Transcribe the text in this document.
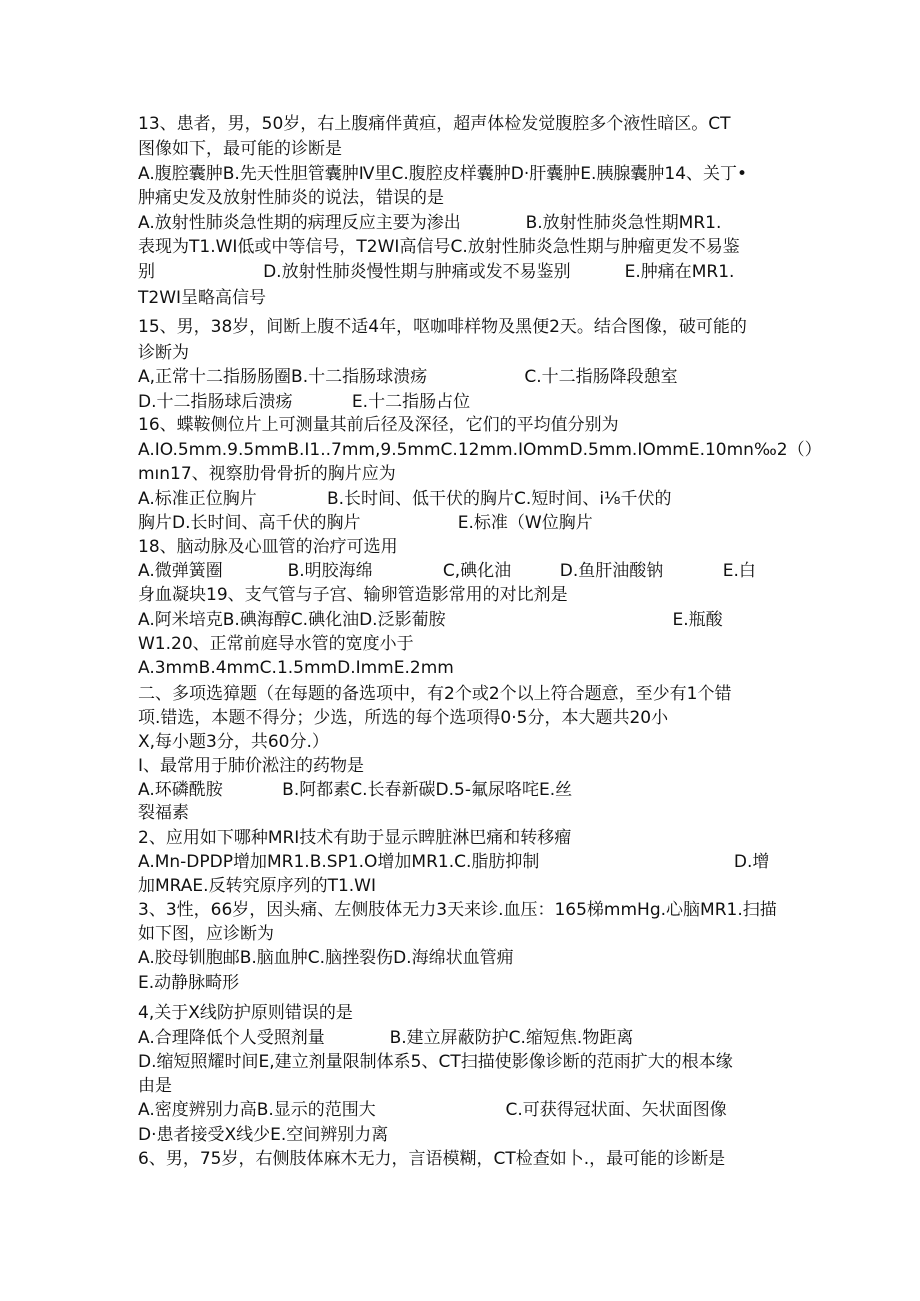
13、患者，男，50岁，右上腹痛伴黄疸，超声体检发觉腹腔多个液性暗区。CT
图像如下，最可能的诊断是
A.腹腔囊肿B.先天性胆管囊肿Ⅳ里C.腹腔皮样囊肿D·肝囊肿E.胰腺囊肿14、关丁•
肿痛史发及放射性肺炎的说法，错误的是
A.放射性肺炎急性期的病理反应主要为渗出            B.放射性肺炎急性期MR1.
表现为T1.WI低或中等信号，T2WI高信号C.放射性肺炎急性期与肿瘤更发不易鉴
别                    D.放射性肺炎慢性期与肿痛或发不易鉴别          E.肿痛在MR1.
T2WI呈略高信号
15、男，38岁，间断上腹不适4年，呕咖啡样物及黑便2天。结合图像，破可能的
诊断为
A,正常十二指肠肠圈B.十二指肠球溃疡                  C.十二指肠降段憩室
D.十二指肠球后溃疡           E.十二指肠占位
16、蝶鞍侧位片上可测量其前后径及深径，它们的平均值分别为
A.IO.5mm.9.5mmB.I1..7mm,9.5mmC.12mm.IOmmD.5mm.IOmmE.10mn‰2（）
mın17、视察肋骨骨折的胸片应为
A.标准正位胸片             B.长时间、低干伏的胸片C.短时间、i⅛千伏的
胸片D.长时间、高千伏的胸片                  E.标准（W位胸片
18、脑动脉及心皿管的治疗可选用
A.微弹簧圈            B.明胶海绵             C,碘化油         D.鱼肝油酸钠           E.白
身血凝块19、支气管与子宫、输卵管造影常用的对比剂是
A.阿米培克B.碘海醇C.碘化油D.泛影葡胺                                          E.瓶酸
W1.20、正常前庭导水管的宽度小于
A.3mmB.4mmC.1.5mmD.ImmE.2mm
二、多项选獐题（在每题的备选项中，有2个或2个以上符合题意，至少有1个错
项.错选，本题不得分；少选，所选的每个选项得0·5分，本大题共20小
X,每小题3分，共60分.）
I、最常用于肺价淞注的药物是
A.环磷酰胺           B.阿都素C.长春新碳D.5-氟尿咯咤E.丝
裂福素
2、应用如下哪种MRI技术有助于显示睥脏淋巴痛和转移瘤
A.Mn-DPDP增加MR1.B.SP1.O增加MR1.C.脂肪抑制                                    D.增
加MRAE.反转究原序列的T1.WI
3、3性，66岁，因头痛、左侧肢体无力3天来诊.血压：165梯mmHg.心脑MR1.扫描
如下图，应诊断为
A.胶母钏胞邮B.脑血肿C.脑挫裂伤D.海绵状血管痈
E.动静脉畸形
4,关于X线防护原则错误的是
A.合理降低个人受照剂量            B.建立屏蔽防护C.缩短焦.物距离
D.缩短照耀时间E,建立剂量限制体系5、CT扫描使影像诊断的范雨扩大的根本缘
由是
A.密度辨别力高B.显示的范围大                        C.可获得冠状面、矢状面图像
D·患者接受X线少E.空间辨别力离
6、男，75岁，右侧肢体麻木无力，言语模糊，CT检查如卜.，最可能的诊断是
